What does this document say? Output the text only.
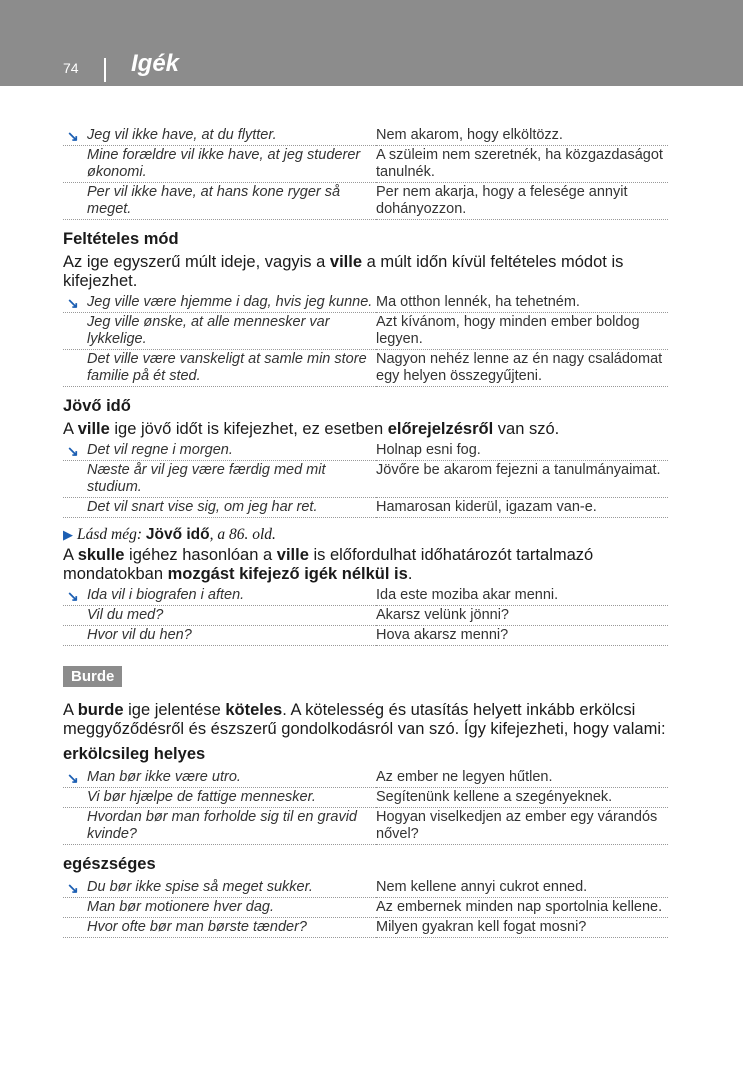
74 Igék
↘ Jeg vil ikke have, at du flytter.	Nem akarom, hogy elköltözz.

Mine forældre vil ikke have, at jeg studerer økonomi.	A szüleim nem szeretnék, ha közgazdaságot tanulnék.

Per vil ikke have, at hans kone ryger så meget.	Per nem akarja, hogy a felesége annyit dohányozzon.
Feltételes mód
Az ige egyszerű múlt ideje, vagyis a ville a múlt időn kívül feltételes módot is kifejezhet.
↘ Jeg ville være hjemme i dag, hvis jeg kunne.	Ma otthon lennék, ha tehetném.

Jeg ville ønske, at alle mennesker var lykkelige.	Azt kívánom, hogy minden ember boldog legyen.

Det ville være vanskeligt at samle min store familie på ét sted.	Nagyon nehéz lenne az én nagy családomat egy helyen összegyűjteni.
Jövő idő
A ville ige jövő időt is kifejezhet, ez esetben előrejelzésről van szó.
↘ Det vil regne i morgen.	Holnap esni fog.

Næste år vil jeg være færdig med mit studium.	Jövőre be akarom fejezni a tanulmányaimat.

Det vil snart vise sig, om jeg har ret.	Hamarosan kiderül, igazam van-e.
▶ Lásd még: Jövő idő, a 86. old.
A skulle igéhez hasonlóan a ville is előfordulhat időhatározót tartalmazó mondatokban mozgást kifejező igék nélkül is.
↘ Ida vil i biografen i aften.	Ida este moziba akar menni.

Vil du med?	Akarsz velünk jönni?

Hvor vil du hen?	Hova akarsz menni?
Burde
A burde ige jelentése köteles. A kötelesség és utasítás helyett inkább erkölcsi meggyőződésről és észszerű gondolkodásról van szó. Így kifejezheti, hogy valami:
erkölcsileg helyes
↘ Man bør ikke være utro.	Az ember ne legyen hűtlen.

Vi bør hjælpe de fattige mennesker.	Segítenünk kellene a szegényeknek.

Hvordan bør man forholde sig til en gravid kvinde?	Hogyan viselkedjen az ember egy várandós nővel?
egészséges
↘ Du bør ikke spise så meget sukker.	Nem kellene annyi cukrot enned.

Man bør motionere hver dag.	Az embernek minden nap sportolnia kellene.

Hvor ofte bør man børste tænder?	Milyen gyakran kell fogat mosni?
